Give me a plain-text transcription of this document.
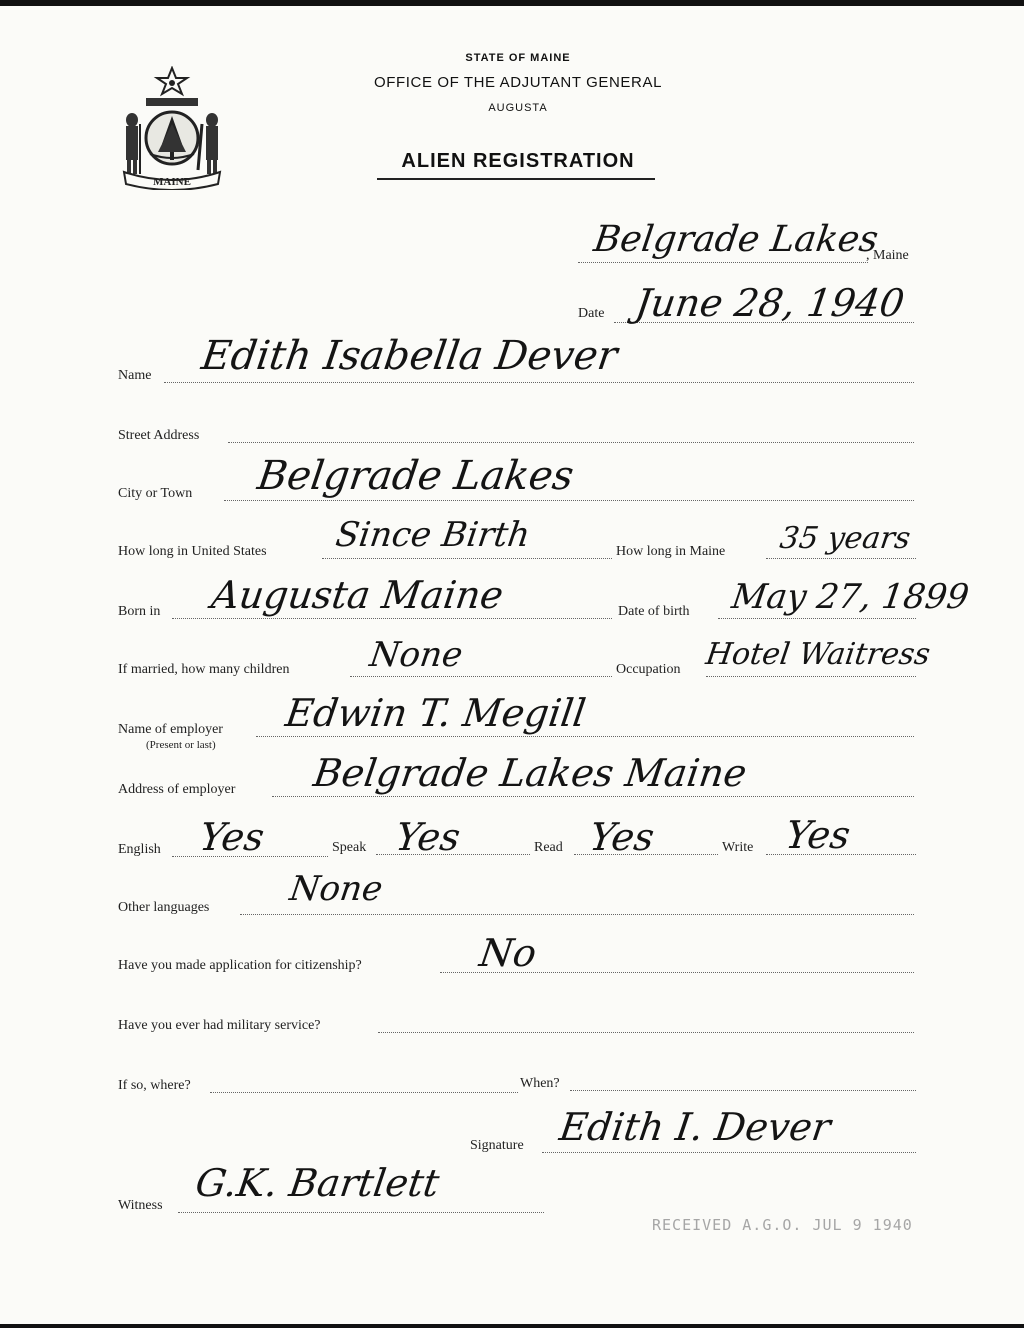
MAINE
STATE OF MAINE
OFFICE OF THE ADJUTANT GENERAL
AUGUSTA
ALIEN REGISTRATION
Belgrade Lakes
, Maine
Date June 28, 1940
Name Edith Isabella Dever
Street Address
City or Town Belgrade Lakes
How long in United States Since Birth	How long in Maine 35 years
Born in Augusta Maine	Date of birth May 27, 1899
If married, how many children None	Occupation Hotel Waitress
Name of employer
(Present or last)
Edwin T. Megill
Address of employer Belgrade Lakes Maine
English Yes	Speak Yes	Read Yes	Write Yes
Other languages None
Have you made application for citizenship?	No
Have you ever had military service?
If so, where?	When?
Signature Edith I. Dever
Witness
G.K. Bartlett
RECEIVED A.G.O. JUL 9 1940
